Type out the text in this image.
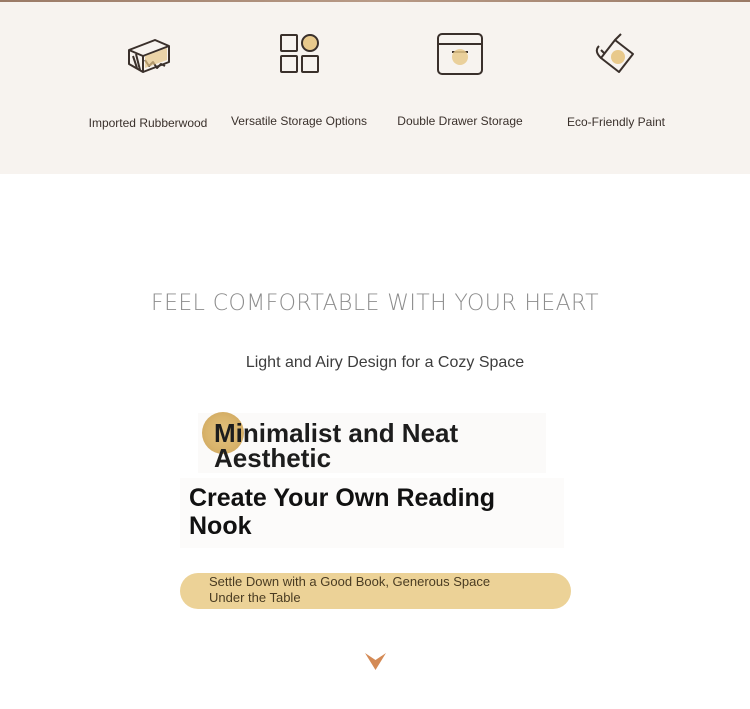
Imported Rubberwood	Versatile Storage Options	Double Drawer Storage	Eco-Friendly Paint
FEEL COMFORTABLE WITH YOUR HEART
Light and Airy Design for a Cozy Space
Minimalist and Neat Aesthetic
Create Your Own Reading Nook
Settle Down with a Good Book, Generous Space Under the Table
